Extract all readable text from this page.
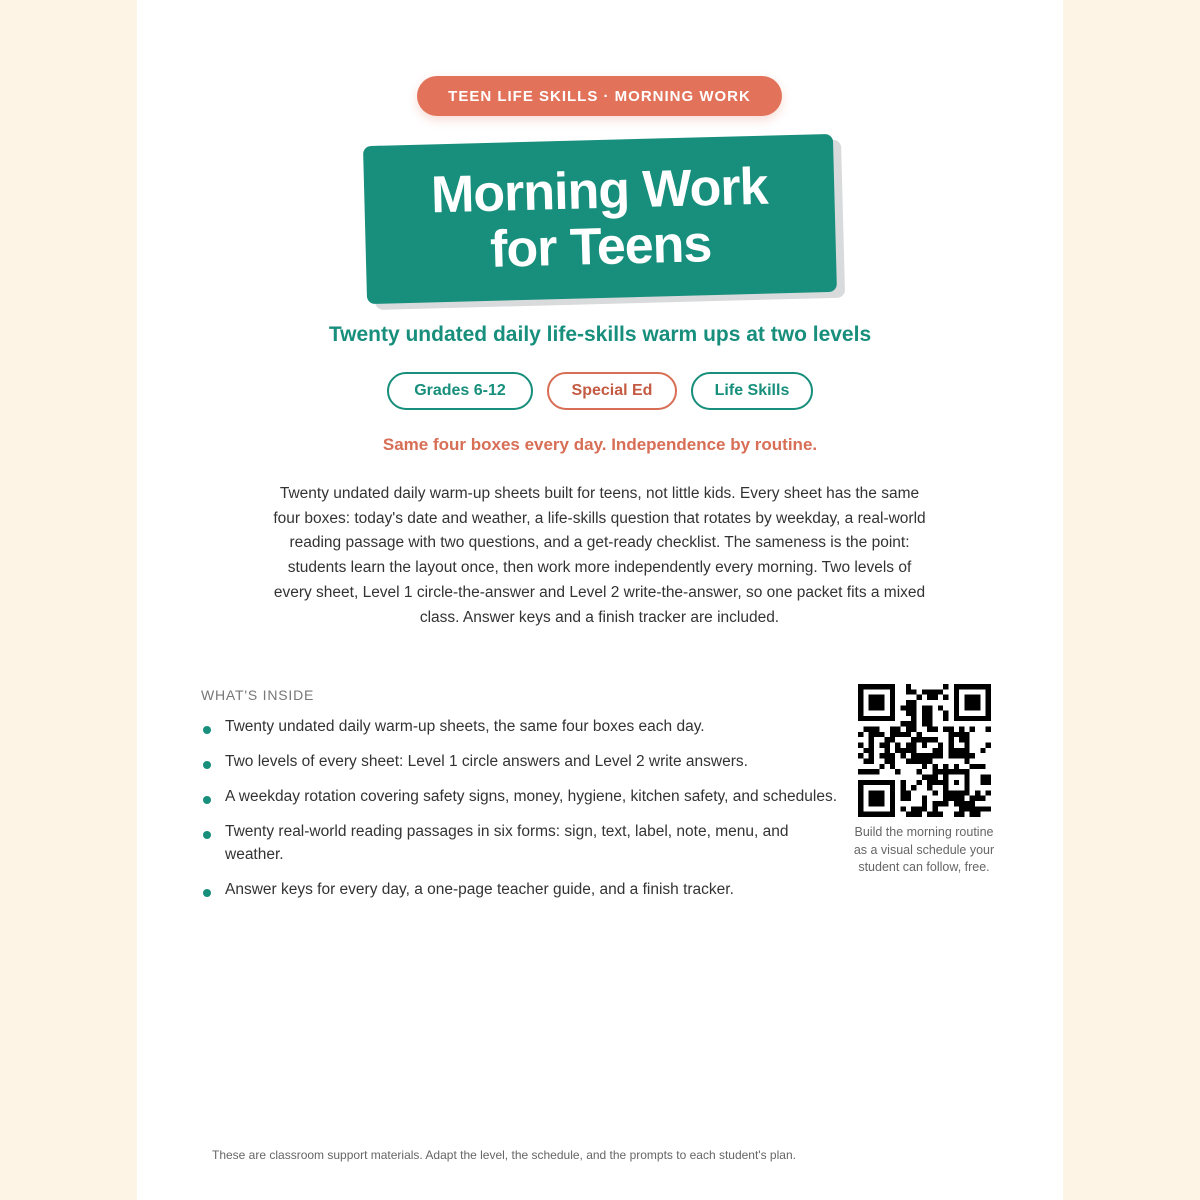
TEEN LIFE SKILLS · MORNING WORK
Morning Work
for Teens
Twenty undated daily life-skills warm ups at two levels
Grades 6-12	Special Ed	Life Skills
Same four boxes every day. Independence by routine.
Twenty undated daily warm-up sheets built for teens, not little kids. Every sheet has the same four boxes: today's date and weather, a life-skills question that rotates by weekday, a real-world reading passage with two questions, and a get-ready checklist. The sameness is the point: students learn the layout once, then work more independently every morning. Two levels of every sheet, Level 1 circle-the-answer and Level 2 write-the-answer, so one packet fits a mixed class. Answer keys and a finish tracker are included.
WHAT'S INSIDE
Twenty undated daily warm-up sheets, the same four boxes each day.
Two levels of every sheet: Level 1 circle answers and Level 2 write answers.
A weekday rotation covering safety signs, money, hygiene, kitchen safety, and schedules.
Twenty real-world reading passages in six forms: sign, text, label, note, menu, and weather.
Answer keys for every day, a one-page teacher guide, and a finish tracker.
Build the morning routine as a visual schedule your student can follow, free.
These are classroom support materials. Adapt the level, the schedule, and the prompts to each student's plan.
